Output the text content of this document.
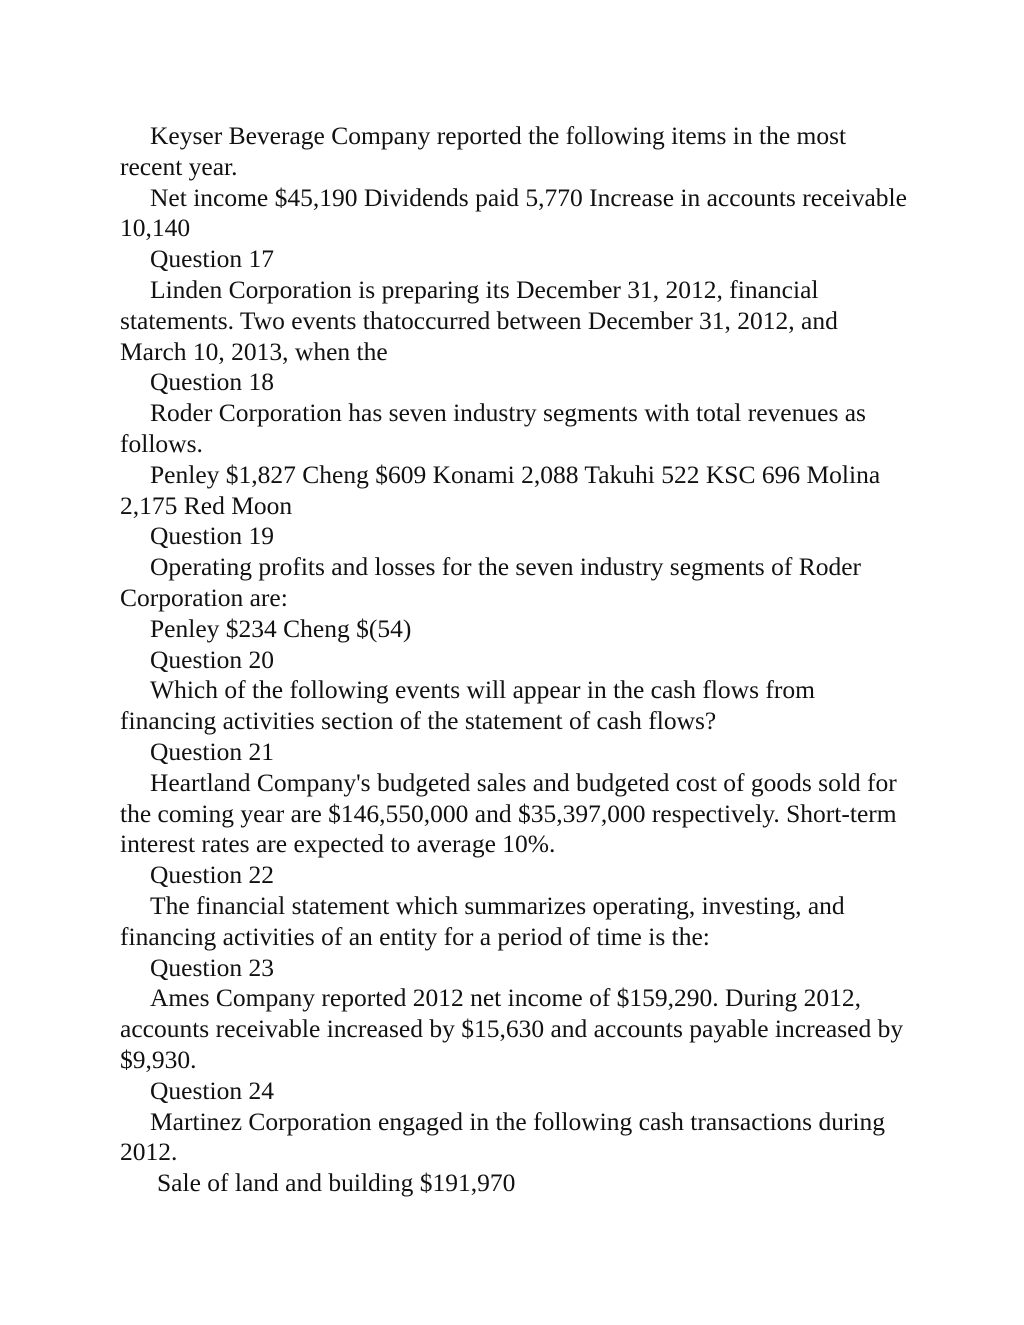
Keyser Beverage Company reported the following items in the most recent year.

Net income $45,190 Dividends paid 5,770 Increase in accounts receivable 10,140

Question 17

Linden Corporation is preparing its December 31, 2012, financial statements. Two events thatoccurred between December 31, 2012, and March 10, 2013, when the

Question 18

Roder Corporation has seven industry segments with total revenues as follows.

Penley $1,827 Cheng $609 Konami 2,088 Takuhi 522 KSC 696 Molina 2,175 Red Moon

Question 19

Operating profits and losses for the seven industry segments of Roder Corporation are:

Penley $234 Cheng $(54)

Question 20

Which of the following events will appear in the cash flows from financing activities section of the statement of cash flows?

Question 21

Heartland Company's budgeted sales and budgeted cost of goods sold for the coming year are $146,550,000 and $35,397,000 respectively. Short-term interest rates are expected to average 10%.

Question 22

The financial statement which summarizes operating, investing, and financing activities of an entity for a period of time is the:

Question 23

Ames Company reported 2012 net income of $159,290. During 2012, accounts receivable increased by $15,630 and accounts payable increased by $9,930.

Question 24

Martinez Corporation engaged in the following cash transactions during 2012.

Sale of land and building $191,970
